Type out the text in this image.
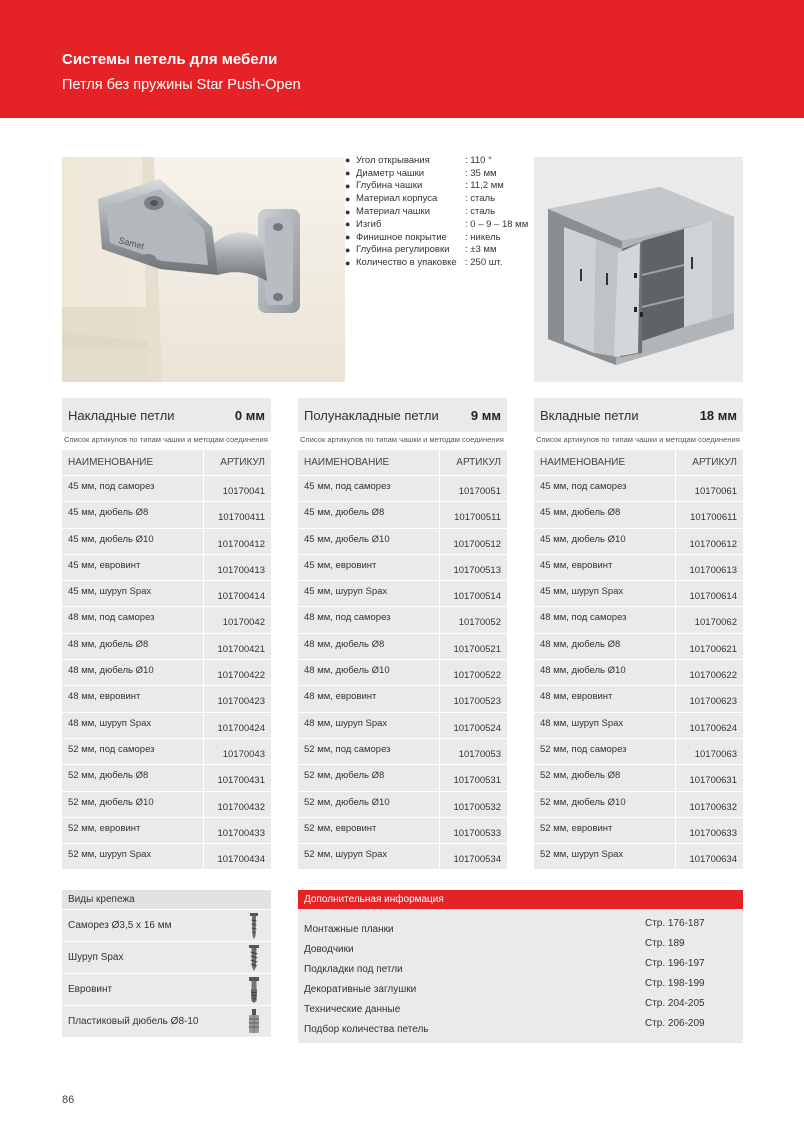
Системы петель для мебели
Петля без пружины Star Push-Open
Samet
● Угол открывания	: 110 °
● Диаметр чашки	: 35 мм
● Глубина чашки	: 11,2 мм
● Материал корпуса	: сталь
● Материал чашки	: сталь
● Изгиб	: 0 – 9 – 18 мм
● Финишное покрытие	: никель
● Глубина регулировки	: ±3 мм
● Количество в упаковке : 250 шт.
Накладные петли	0 мм
Список артикулов по типам чашки и методам соединения
НАИМЕНОВАНИЕ	АРТИКУЛ
45 мм, под саморез	10170041
45 мм, дюбель Ø8	101700411
45 мм, дюбель Ø10	101700412
45 мм, евровинт	101700413
45 мм, шуруп Spax	101700414
48 мм, под саморез	10170042
48 мм, дюбель Ø8	101700421
48 мм, дюбель Ø10	101700422
48 мм, евровинт	101700423
48 мм, шуруп Spax	101700424
52 мм, под саморез	10170043
52 мм, дюбель Ø8	101700431
52 мм, дюбель Ø10	101700432
52 мм, евровинт	101700433
52 мм, шуруп Spax	101700434
Полунакладные петли 9 мм
Список артикулов по типам чашки и методам соединения
НАИМЕНОВАНИЕ	АРТИКУЛ
45 мм, под саморез	10170051
45 мм, дюбель Ø8	101700511
45 мм, дюбель Ø10	101700512
45 мм, евровинт	101700513
45 мм, шуруп Spax	101700514
48 мм, под саморез	10170052
48 мм, дюбель Ø8	101700521
48 мм, дюбель Ø10	101700522
48 мм, евровинт	101700523
48 мм, шуруп Spax	101700524
52 мм, под саморез	10170053
52 мм, дюбель Ø8	101700531
52 мм, дюбель Ø10	101700532
52 мм, евровинт	101700533
52 мм, шуруп Spax	101700534
Вкладные петли	18 мм
Список артикулов по типам чашки и методам соединения
НАИМЕНОВАНИЕ	АРТИКУЛ
45 мм, под саморез	10170061
45 мм, дюбель Ø8	101700611
45 мм, дюбель Ø10	101700612
45 мм, евровинт	101700613
45 мм, шуруп Spax	101700614
48 мм, под саморез	10170062
48 мм, дюбель Ø8	101700621
48 мм, дюбель Ø10	101700622
48 мм, евровинт	101700623
48 мм, шуруп Spax	101700624
52 мм, под саморез	10170063
52 мм, дюбель Ø8	101700631
52 мм, дюбель Ø10	101700632
52 мм, евровинт	101700633
52 мм, шуруп Spax	101700634
Виды крепежа
Саморез Ø3,5 x 16 мм
Шуруп Spax
Евровинт
Пластиковый дюбель Ø8-10
Дополнительная информация
Монтажные планки
Стр. 176-187
Доводчики
Стр. 189
Подкладки под петли
Стр. 196-197
Декоративные заглушки
Стр. 198-199
Технические данные
Стр. 204-205
Подбор количества петель
Стр. 206-209
86
